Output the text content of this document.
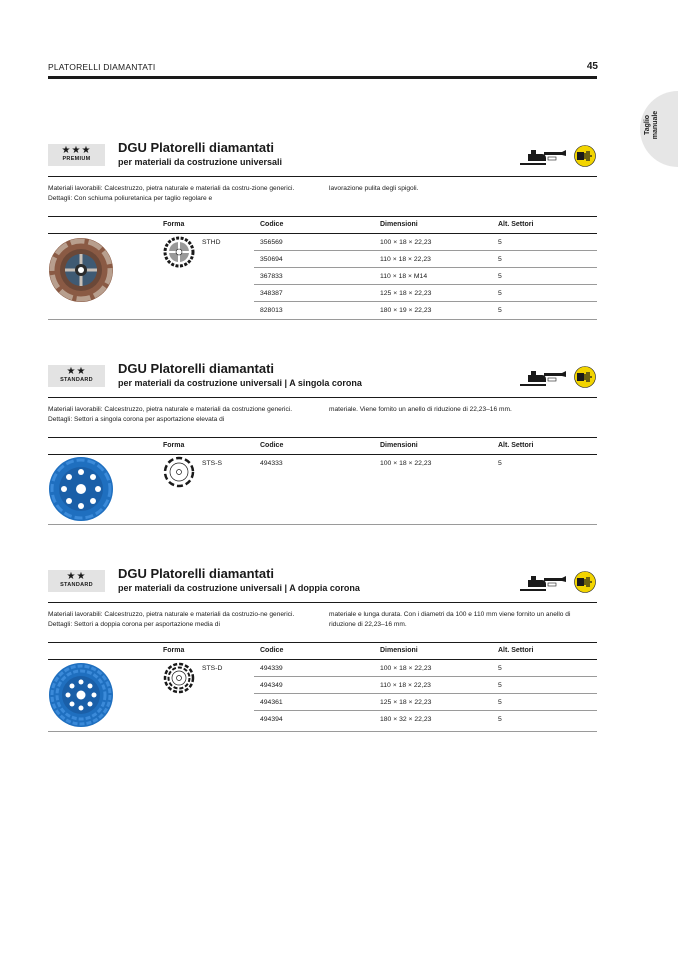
PLATORELLI DIAMANTATI	45
Taglio
manuale
★★★
PREMIUM
DGU Platorelli diamantati
per materiali da costruzione universali
Materiali lavorabili: Calcestruzzo, pietra naturale e materiali da costru-zione generici. Dettagli: Con schiuma poliuretanica per taglio regolare e
lavorazione pulita degli spigoli.
Forma	Codice	Dimensioni	Alt. Settori
STHD	356569	100 × 18 × 22,23	5
350694	110 × 18 × 22,23	5
367833	110 × 18 × M14	5
348387	125 × 18 × 22,23	5
828013	180 × 19 × 22,23	5
★★
STANDARD
DGU Platorelli diamantati
per materiali da costruzione universali | A singola corona
Materiali lavorabili: Calcestruzzo, pietra naturale e materiali da costruzione generici. Dettagli: Settori a singola corona per asportazione elevata di
materiale. Viene fornito un anello di riduzione di 22,23–16 mm.
Forma	Codice	Dimensioni	Alt. Settori
STS-S	494333	100 × 18 × 22,23	5
★★
STANDARD
DGU Platorelli diamantati
per materiali da costruzione universali | A doppia corona
Materiali lavorabili: Calcestruzzo, pietra naturale e materiali da costruzio-ne generici. Dettagli: Settori a doppia corona per asportazione media di
materiale e lunga durata. Con i diametri da 100 e 110 mm viene fornito un anello di riduzione di 22,23–16 mm.
Forma	Codice	Dimensioni	Alt. Settori
STS-D	494339	100 × 18 × 22,23	5
494349	110 × 18 × 22,23	5
494361	125 × 18 × 22,23	5
494394	180 × 32 × 22,23	5
